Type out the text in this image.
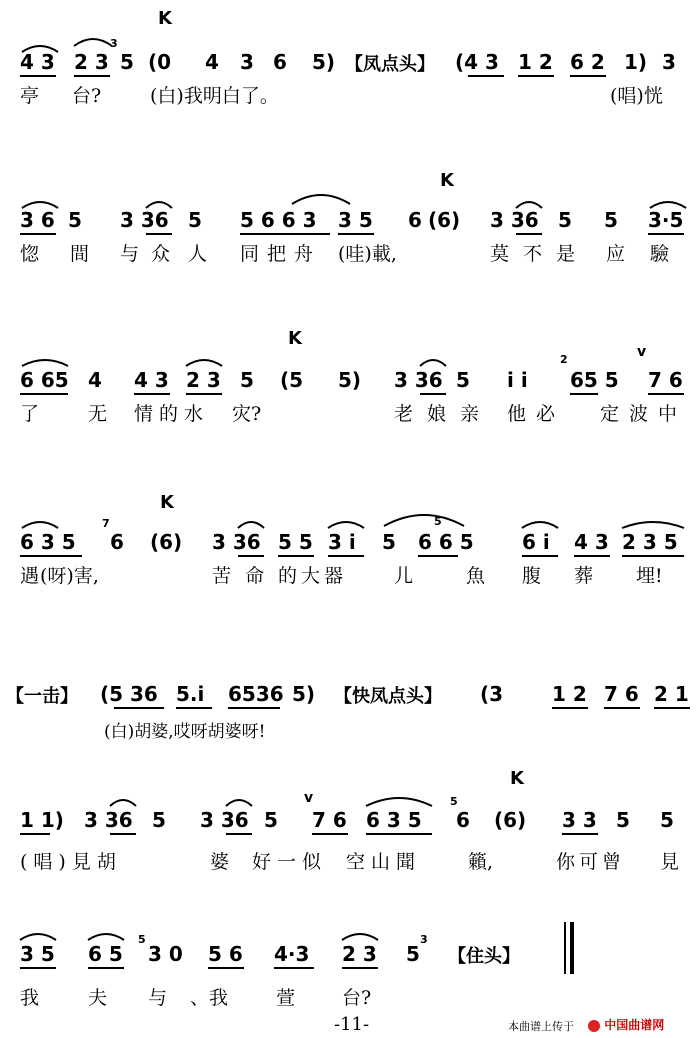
K
4 3 2 3
3
5 (0 4 3 6 5) 【凤点头】 (4 3 1 2 6 2 1) 3
亭 台?	(白)我明白了。	(唱)恍
K
3 6 5 3 36 5 5 6 6 3 3 5 6 (6) 3 36 5 5 3·5
惚 間 与众 人 同把舟 (哇)載,	莫不是 应 驗
K
v
6 65 4 4 3 2 3 5 (5 5) 3 36 5 i i
2
65 5 7 6
了	无 情的水 灾?	老娘亲 他必 定波中
K
6 3 5
7
6 (6) 3 36 5 5 3 i 5
5
6 6 5 6 i 4 3 2 3 5
遇 (呀)害,	苦命 的大器 儿	魚 腹 葬 埋!
【一击】 (5 36 5.i 6536 5) 【快凤点头】 (3 1 2 7 6 2 1
(白)胡婆,哎呀胡婆呀!
K
v
1 1) 3 36 5 3 36 5 7 6 6 3 5
5
6 (6) 3 3 5 5
(唱)見胡	婆 好一似 空山聞 籟,	你可曾 見
3 5 6 5
5
3 0 5 6 4·3 2 3 5
3
【住头】
我	夫 与 、我	萱 台?
-11-	本曲谱上传于	中国曲谱网
